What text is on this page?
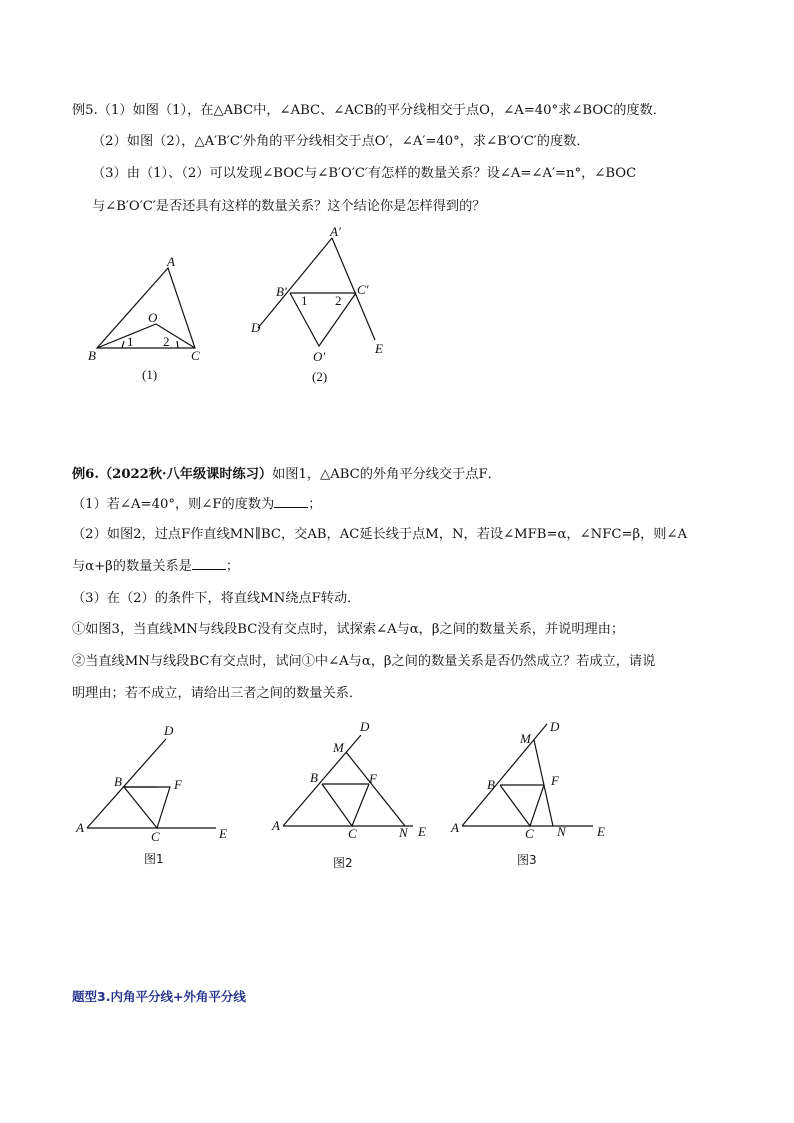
例5.（1）如图（1），在△ABC中，∠ABC、∠ACB的平分线相交于点O，∠A=40°求∠BOC的度数．
（2）如图（2），△A′B′C′外角的平分线相交于点O′，∠A′=40°，求∠B′O′C′的度数．
（3）由（1）、（2）可以发现∠BOC与∠B′O′C′有怎样的数量关系？设∠A=∠A′=n°，∠BOC
与∠B′O′C′是否还具有这样的数量关系？这个结论你是怎样得到的？
例6.（2022秋·八年级课时练习）如图1，△ABC的外角平分线交于点F．
（1）若∠A=40°，则∠F的度数为	；
（2）如图2，过点F作直线MN∥BC，交AB，AC延长线于点M，N，若设∠MFB=α，∠NFC=β，则∠A
与α+β的数量关系是	；
（3）在（2）的条件下，将直线MN绕点F转动．
①如图3，当直线MN与线段BC没有交点时，试探索∠A与α，β之间的数量关系，并说明理由；
②当直线MN与线段BC有交点时，试问①中∠A与α，β之间的数量关系是否仍然成立？若成立，请说
明理由；若不成立，请给出三者之间的数量关系．
题型3.内角平分线+外角平分线
A
B	C
O
1 2
(1)
A′
B′	C′
O′
D
E
1 2
(2)
A
B
C
D
E
F
图1
A
B
C
D
E
F
M
N
图2
A
B
C
D
E
F
M
N
图3
